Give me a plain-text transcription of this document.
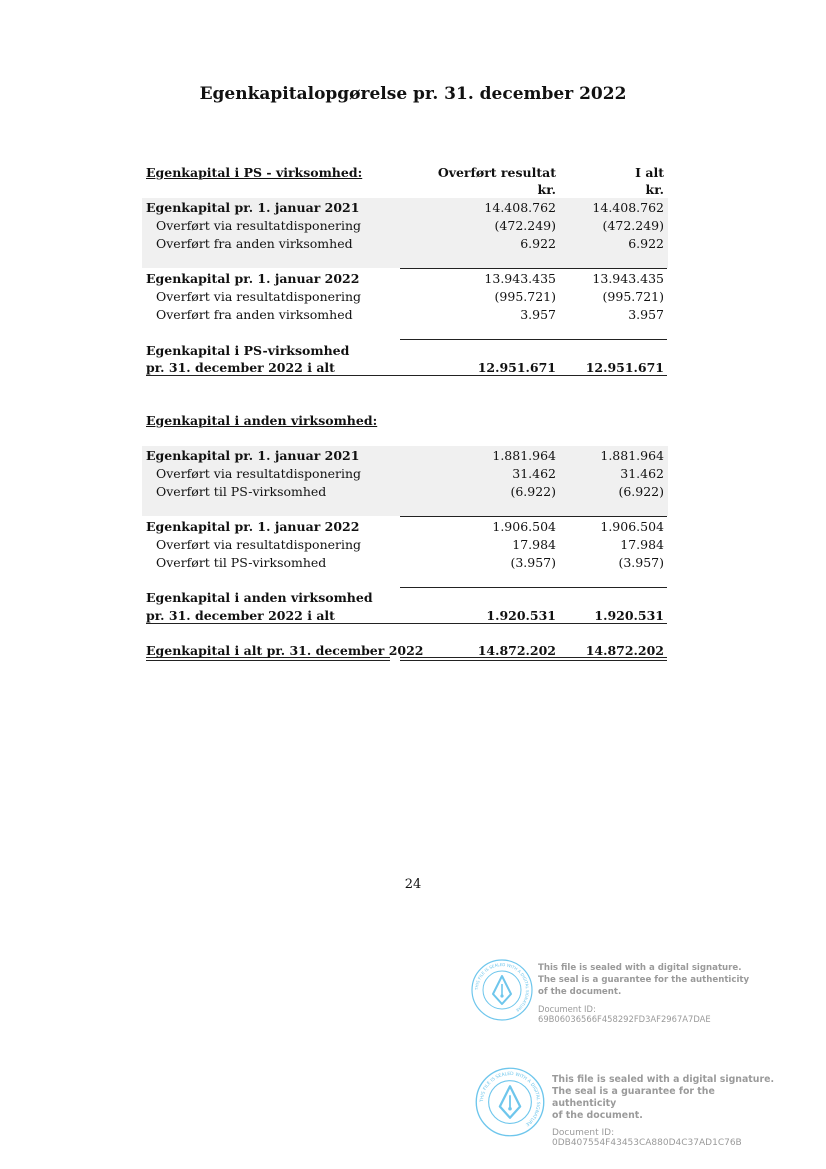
Egenkapitalopgørelse pr. 31. december 2022
Egenkapital i PS - virksomhed:	Overført resultat	I alt
kr.	kr.
Egenkapital pr. 1. januar 2021	14.408.762	14.408.762
Overført via resultatdisponering	(472.249)	(472.249)
Overført fra anden virksomhed	6.922	6.922
Egenkapital pr. 1. januar 2022	13.943.435	13.943.435
Overført via resultatdisponering	(995.721)	(995.721)
Overført fra anden virksomhed	3.957	3.957
Egenkapital i PS-virksomhed
pr. 31. december 2022 i alt	12.951.671	12.951.671
Egenkapital i anden virksomhed:
Egenkapital pr. 1. januar 2021	1.881.964	1.881.964
Overført via resultatdisponering	31.462	31.462
Overført til PS-virksomhed	(6.922)	(6.922)
Egenkapital pr. 1. januar 2022	1.906.504	1.906.504
Overført via resultatdisponering	17.984	17.984
Overført til PS-virksomhed	(3.957)	(3.957)
Egenkapital i anden virksomhed
pr. 31. december 2022 i alt	1.920.531	1.920.531
Egenkapital i alt pr. 31. december 2022	14.872.202	14.872.202
24
THIS FILE IS SEALED WITH A DIGITAL SIGNATURE
This file is sealed with a digital signature.
The seal is a guarantee for the authenticity
of the document.
Document ID:
69B06036566F458292FD3AF2967A7DAE
THIS FILE IS SEALED WITH A DIGITAL SIGNATURE
This file is sealed with a digital signature.
The seal is a guarantee for the authenticity
of the document.
Document ID:
0DB407554F43453CA880D4C37AD1C76B
